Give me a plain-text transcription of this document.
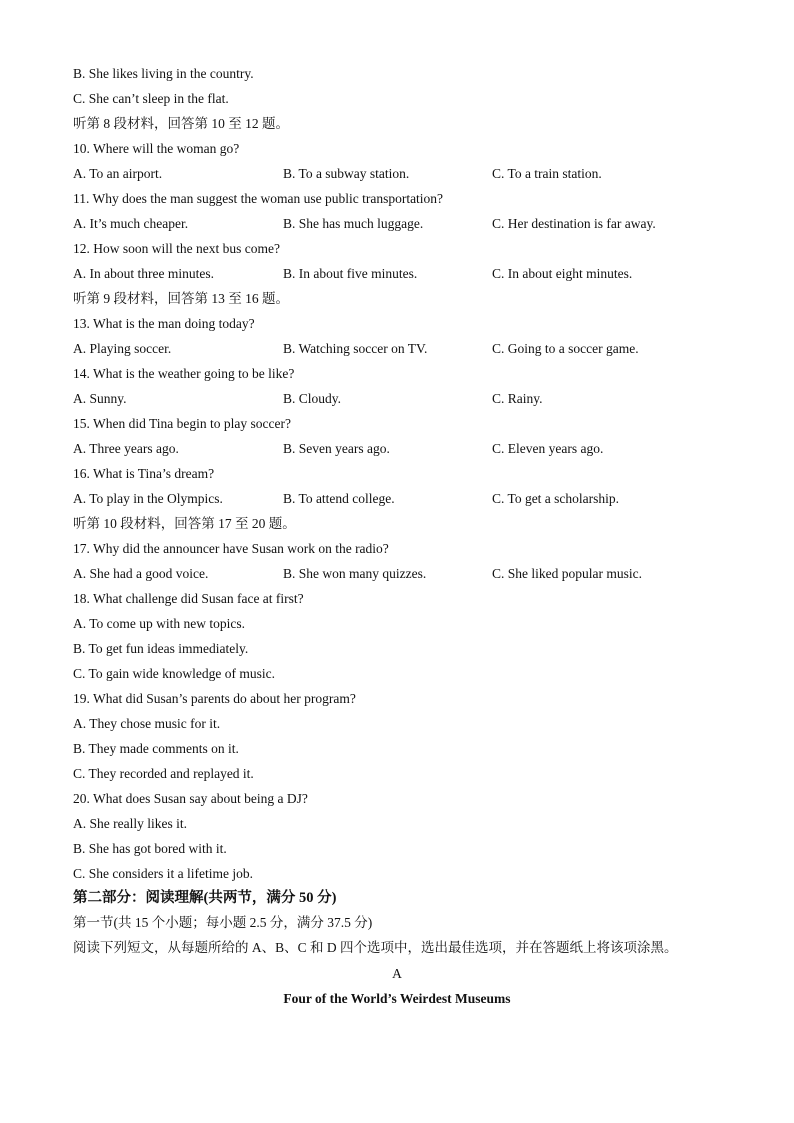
B. She likes living in the country.
C. She can’t sleep in the flat.
听第 8 段材料，回答第 10 至 12 题。
10. Where will the woman go?
A. To an airport.	B. To a subway station.	C. To a train station.
11. Why does the man suggest the woman use public transportation?
A. It’s much cheaper.	B. She has much luggage.	C. Her destination is far away.
12. How soon will the next bus come?
A. In about three minutes.	B. In about five minutes.	C. In about eight minutes.
听第 9 段材料，回答第 13 至 16 题。
13. What is the man doing today?
A. Playing soccer.	B. Watching soccer on TV.	C. Going to a soccer game.
14. What is the weather going to be like?
A. Sunny.	B. Cloudy.	C. Rainy.
15. When did Tina begin to play soccer?
A. Three years ago.	B. Seven years ago.	C. Eleven years ago.
16. What is Tina’s dream?
A. To play in the Olympics.	B. To attend college.	C. To get a scholarship.
听第 10 段材料，回答第 17 至 20 题。
17. Why did the announcer have Susan work on the radio?
A. She had a good voice.	B. She won many quizzes.	C. She liked popular music.
18. What challenge did Susan face at first?
A. To come up with new topics.
B. To get fun ideas immediately.
C. To gain wide knowledge of music.
19. What did Susan’s parents do about her program?
A. They chose music for it.
B. They made comments on it.
C. They recorded and replayed it.
20. What does Susan say about being a DJ?
A. She really likes it.
B. She has got bored with it.
C. She considers it a lifetime job.
第二部分：阅读理解(共两节，满分 50 分)
第一节(共 15 个小题；每小题 2.5 分，满分 37.5 分)
阅读下列短文，从每题所给的 A、B、C 和 D 四个选项中，选出最佳选项，并在答题纸上将该项涂黑。
A
Four of the World’s Weirdest Museums
